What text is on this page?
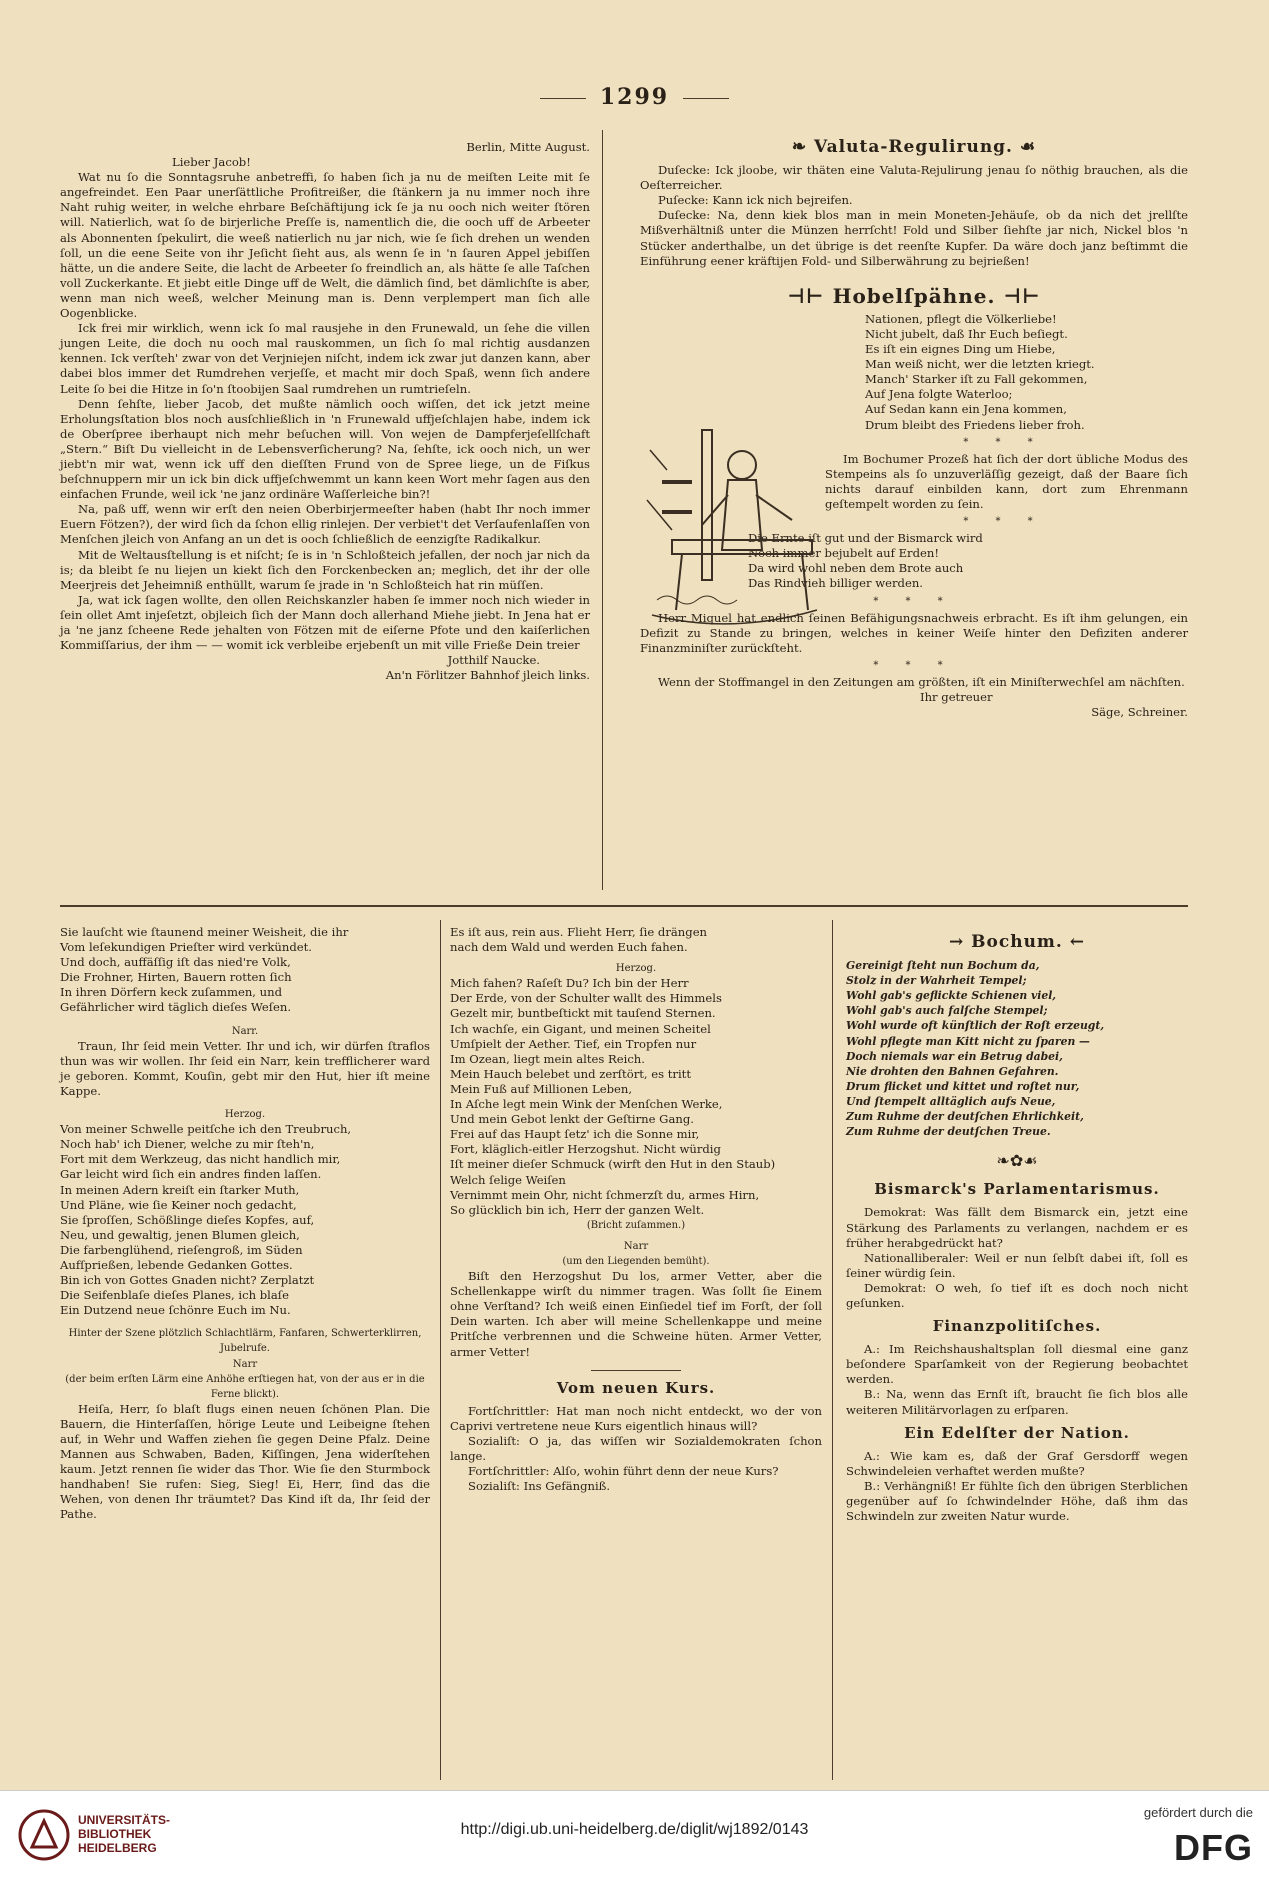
1299
Berlin, Mitte August.
Lieber Jacob!

Wat nu ſo die Sonntagsruhe anbetreffi, ſo haben ſich ja nu de meiſten Leite mit ſe angefreindet. Een Paar unerſättliche Profitreißer, die ſtänkern ja nu immer noch ihre Naht ruhig weiter, in welche ehrbare Beſchäftijung ick ſe ja nu ooch nich weiter ſtören will. Natierlich, wat ſo de birjerliche Preſſe is, namentlich die, die ooch uff de Arbeeter als Abonnenten ſpekulirt, die weeß natierlich nu jar nich, wie ſe ſich drehen un wenden ſoll, un die eene Seite von ihr Jeſicht ſieht aus, als wenn ſe in 'n ſauren Appel jebiſſen hätte, un die andere Seite, die lacht de Arbeeter ſo freindlich an, als hätte ſe alle Taſchen voll Zuckerkante. Et jiebt eitle Dinge uff de Welt, die dämlich ſind, bet dämlichſte is aber, wenn man nich weeß, welcher Meinung man is. Denn verplempert man ſich alle Oogenblicke.

Ick frei mir wirklich, wenn ick ſo mal rausjehe in den Frunewald, un ſehe die villen jungen Leite, die doch nu ooch mal rauskommen, un ſich ſo mal richtig ausdanzen kennen. Ick verſteh' zwar von det Verjniejen niſcht, indem ick zwar jut danzen kann, aber dabei blos immer det Rumdrehen verjeſſe, et macht mir doch Spaß, wenn ſich andere Leite ſo bei die Hitze in ſo'n ſtoobijen Saal rumdrehen un rumtrieſeln.

Denn ſehſte, lieber Jacob, det mußte nämlich ooch wiſſen, det ick jetzt meine Erholungsſtation blos noch ausſchließlich in 'n Frunewald uffjeſchlajen habe, indem ick de Oberſpree iberhaupt nich mehr beſuchen will. Von wejen de Dampferjeſellſchaft „Stern.“ Biſt Du vielleicht in de Lebensverſicherung? Na, ſehſte, ick ooch nich, un wer jiebt'n mir wat, wenn ick uff den dieſſten Frund von de Spree liege, un de Fiſkus beſchnuppern mir un ick bin dick uffjeſchwemmt un kann keen Wort mehr ſagen aus den einfachen Frunde, weil ick 'ne janz ordinäre Waſſerleiche bin?!

Na, paß uff, wenn wir erſt den neien Oberbirjermeeſter haben (habt Ihr noch immer Euern Fötzen?), der wird ſich da ſchon ellig rinlejen. Der verbiet't det Verſaufenlaſſen von Menſchen jleich von Anfang an un det is ooch ſchließlich de eenzigſte Radikalkur.

Mit de Weltausſtellung is et niſcht; ſe is in 'n Schloßteich jefallen, der noch jar nich da is; da bleibt ſe nu liejen un kiekt ſich den Forckenbecken an; meglich, det ihr der olle Meerjreis det Jeheimniß enthüllt, warum ſe jrade in 'n Schloßteich hat rin müſſen.

Ja, wat ick ſagen wollte, den ollen Reichskanzler haben ſe immer noch nich wieder in ſein ollet Amt injeſetzt, objleich ſich der Mann doch allerhand Miehe jiebt. In Jena hat er ja 'ne janz ſcheene Rede jehalten von Fötzen mit de eiſerne Pfote und den kaiſerlichen Kommiſſarius, der ihm — — womit ick verbleibe erjebenſt un mit ville Frieße Dein treier

Jotthilf Naucke.
An'n Förlitzer Bahnhof jleich links.
❧ Valuta-Regulirung. ☙

Duſecke: Ick jloobe, wir thäten eine Valuta-Rejulirung jenau ſo nöthig brauchen, als die Oeſterreicher.

Puſecke: Kann ick nich bejreifen.

Duſecke: Na, denn kiek blos man in mein Moneten-Jehäuſe, ob da nich det jrellſte Mißverhältniß unter die Münzen herrſcht! Fold und Silber ſiehſte jar nich, Nickel blos 'n Stücker anderthalbe, un det übrige is det reenſte Kupfer. Da wäre doch janz beſtimmt die Einführung eener kräftijen Fold- und Silberwährung zu bejrießen!

⊣⊢ Hobelſpähne. ⊣⊢
Nationen, pflegt die Völkerliebe!
Nicht jubelt, daß Ihr Euch beſiegt.
Es iſt ein eignes Ding um Hiebe,
Man weiß nicht, wer die letzten kriegt.
Manch' Starker iſt zu Fall gekommen,
Auf Jena folgte Waterloo;
Auf Sedan kann ein Jena kommen,
Drum bleibt des Friedens lieber froh.
* * *

Im Bochumer Prozeß hat ſich der dort übliche Modus des Stempeins als ſo unzuverläſſig gezeigt, daß der Baare ſich nichts darauf einbilden kann, dort zum Ehrenmann geſtempelt worden zu ſein.

* * *
Die Ernte iſt gut und der Bismarck wird
Noch immer bejubelt auf Erden!
Da wird wohl neben dem Brote auch
Das Rindvieh billiger werden.
* * *

Herr Miquel hat endlich ſeinen Befähigungsnachweis erbracht. Es iſt ihm gelungen, ein Defizit zu Stande zu bringen, welches in keiner Weiſe hinter den Defiziten anderer Finanzminiſter zurückſteht.

* * *

Wenn der Stoffmangel in den Zeitungen am größten, iſt ein Miniſterwechſel am nächſten.

Ihr getreuer
Säge, Schreiner.
Sie lauſcht wie ſtaunend meiner Weisheit, die ihr
Vom leſekundigen Prieſter wird verkündet.
Und doch, auffäſſig iſt das nied're Volk,
Die Frohner, Hirten, Bauern rotten ſich
In ihren Dörfern keck zuſammen, und
Gefährlicher wird täglich dieſes Weſen.
Narr.

Traun, Ihr ſeid mein Vetter. Ihr und ich, wir dürfen ſtraflos thun was wir wollen. Ihr ſeid ein Narr, kein trefflicherer ward je geboren. Kommt, Kouſin, gebt mir den Hut, hier iſt meine Kappe.

Herzog.
Von meiner Schwelle peitſche ich den Treubruch,
Noch hab' ich Diener, welche zu mir ſteh'n,
Fort mit dem Werkzeug, das nicht handlich mir,
Gar leicht wird ſich ein andres finden laſſen.
In meinen Adern kreiſt ein ſtarker Muth,
Und Pläne, wie ſie Keiner noch gedacht,
Sie ſproſſen, Schößlinge dieſes Kopfes, auf,
Neu, und gewaltig, jenen Blumen gleich,
Die farbenglühend, rieſengroß, im Süden
Aufſprießen, lebende Gedanken Gottes.
Bin ich von Gottes Gnaden nicht? Zerplatzt
Die Seifenblaſe dieſes Planes, ich blaſe
Ein Dutzend neue ſchönre Euch im Nu.
Hinter der Szene plötzlich Schlachtlärm, Fanfaren, Schwerterklirren, Jubelrufe.
Narr
(der beim erſten Lärm eine Anhöhe erſtiegen hat, von der aus er in die Ferne blickt).

Heiſa, Herr, ſo blaſt flugs einen neuen ſchönen Plan. Die Bauern, die Hinterſaſſen, hörige Leute und Leibeigne ſtehen auf, in Wehr und Waffen ziehen ſie gegen Deine Pfalz. Deine Mannen aus Schwaben, Baden, Kiſſingen, Jena widerſtehen kaum. Jetzt rennen ſie wider das Thor. Wie ſie den Sturmbock handhaben! Sie rufen: Sieg, Sieg! Ei, Herr, ſind das die Wehen, von denen Ihr träumtet? Das Kind iſt da, Ihr ſeid der Pathe.

Es iſt aus, rein aus. Flieht Herr, ſie drängen
nach dem Wald und werden Euch fahen.
Herzog.
Mich fahen? Raſeſt Du? Ich bin der Herr
Der Erde, von der Schulter wallt des Himmels
Gezelt mir, buntbeſtickt mit tauſend Sternen.
Ich wachſe, ein Gigant, und meinen Scheitel
Umſpielt der Aether. Tief, ein Tropfen nur
Im Ozean, liegt mein altes Reich.
Mein Hauch belebet und zerſtört, es tritt
Mein Fuß auf Millionen Leben,
In Aſche legt mein Wink der Menſchen Werke,
Und mein Gebot lenkt der Geſtirne Gang.
Frei auf das Haupt ſetz' ich die Sonne mir,
Fort, kläglich-eitler Herzogshut. Nicht würdig
Iſt meiner dieſer Schmuck (wirft den Hut in den Staub)
Welch ſelige Weiſen
Vernimmt mein Ohr, nicht ſchmerzſt du, armes Hirn,
So glücklich bin ich, Herr der ganzen Welt.
(Bricht zuſammen.)
Narr
(um den Liegenden bemüht).

Biſt den Herzogshut Du los, armer Vetter, aber die Schellenkappe wirſt du nimmer tragen. Was ſollt ſie Einem ohne Verſtand? Ich weiß einen Einſiedel tief im Forſt, der ſoll Dein warten. Ich aber will meine Schellenkappe und meine Pritſche verbrennen und die Schweine hüten. Armer Vetter, armer Vetter!

Vom neuen Kurs.

Fortſchrittler: Hat man noch nicht entdeckt, wo der von Caprivi vertretene neue Kurs eigentlich hinaus will?

Sozialiſt: O ja, das wiſſen wir Sozialdemokraten ſchon lange.

Fortſchrittler: Alſo, wohin führt denn der neue Kurs?

Sozialiſt: Ins Gefängniß.

→ Bochum. ←
Gereinigt ſteht nun Bochum da,
Stolz in der Wahrheit Tempel;
Wohl gab's geflickte Schienen viel,
Wohl gab's auch falſche Stempel;
Wohl wurde oft künſtlich der Roſt erzeugt,
Wohl pflegte man Kitt nicht zu ſparen —
Doch niemals war ein Betrug dabei,
Nie drohten den Bahnen Gefahren.
Drum flicket und kittet und roſtet nur,
Und ſtempelt alltäglich aufs Neue,
Zum Ruhme der deutſchen Ehrlichkeit,
Zum Ruhme der deutſchen Treue.
❧✿☙
Bismarck's Parlamentarismus.

Demokrat: Was fällt dem Bismarck ein, jetzt eine Stärkung des Parlaments zu verlangen, nachdem er es früher herabgedrückt hat?

Nationalliberaler: Weil er nun ſelbſt dabei iſt, ſoll es ſeiner würdig ſein.

Demokrat: O weh, ſo tief iſt es doch noch nicht geſunken.

Finanzpolitiſches.

A.: Im Reichshaushaltsplan ſoll diesmal eine ganz beſondere Sparſamkeit von der Regierung beobachtet werden.

B.: Na, wenn das Ernſt iſt, braucht ſie ſich blos alle weiteren Militärvorlagen zu erſparen.

Ein Edelſter der Nation.

A.: Wie kam es, daß der Graf Gersdorff wegen Schwindeleien verhaftet werden mußte?

B.: Verhängniß! Er fühlte ſich den übrigen Sterblichen gegenüber auf ſo ſchwindelnder Höhe, daß ihm das Schwindeln zur zweiten Natur wurde.

UNIVERSITÄTS-
BIBLIOTHEK
HEIDELBERG
http://digi.ub.uni-heidelberg.de/diglit/wj1892/0143
gefördert durch die
DFG
